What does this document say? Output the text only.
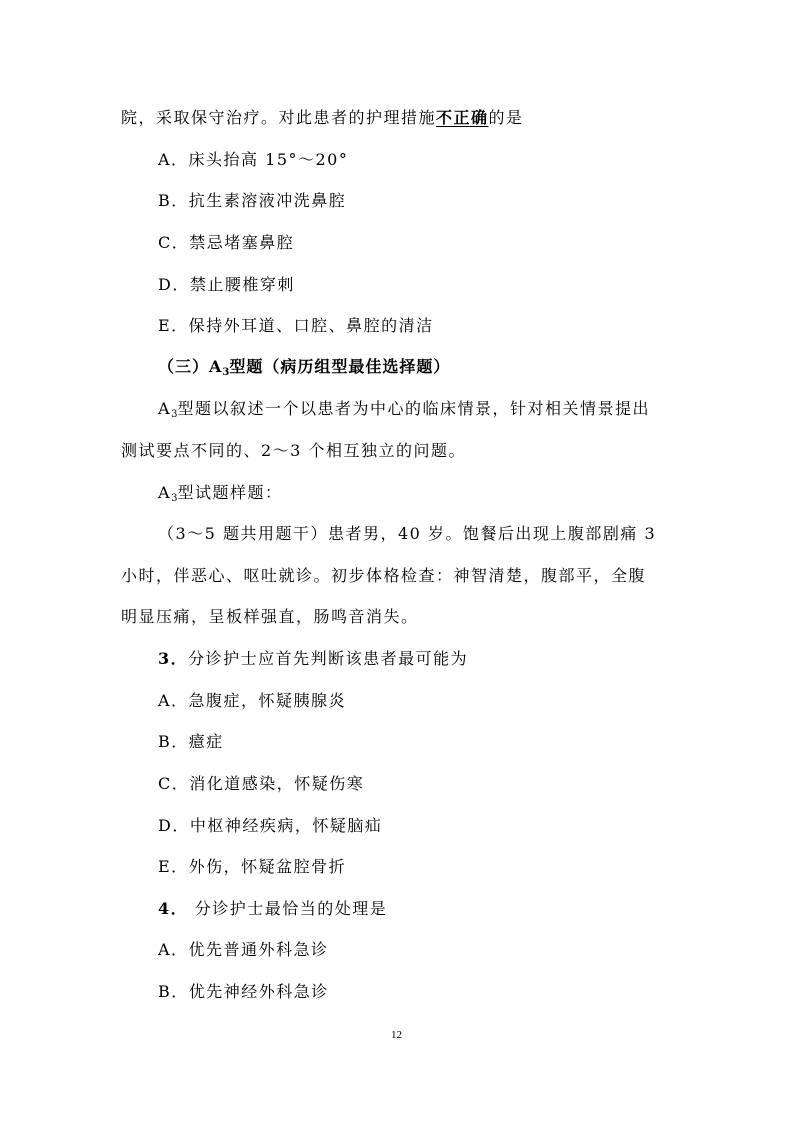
院，采取保守治疗。对此患者的护理措施不正确的是
A．床头抬高 15°～20°
B．抗生素溶液冲洗鼻腔
C．禁忌堵塞鼻腔
D．禁止腰椎穿刺
E．保持外耳道、口腔、鼻腔的清洁
（三）$A_3$型题（病历组型最佳选择题）
$A_3$型题以叙述一个以患者为中心的临床情景，针对相关情景提出
测试要点不同的、2～3 个相互独立的问题。
$A_3$型试题样题：
（3～5 题共用题干）患者男，40 岁。饱餐后出现上腹部剧痛 3
小时，伴恶心、呕吐就诊。初步体格检查：神智清楚，腹部平，全腹
明显压痛，呈板样强直，肠鸣音消失。
3．分诊护士应首先判断该患者最可能为
A．急腹症，怀疑胰腺炎
B．癔症
C．消化道感染，怀疑伤寒
D．中枢神经疾病，怀疑脑疝
E．外伤，怀疑盆腔骨折
4． 分诊护士最恰当的处理是
A．优先普通外科急诊
B．优先神经外科急诊
12
